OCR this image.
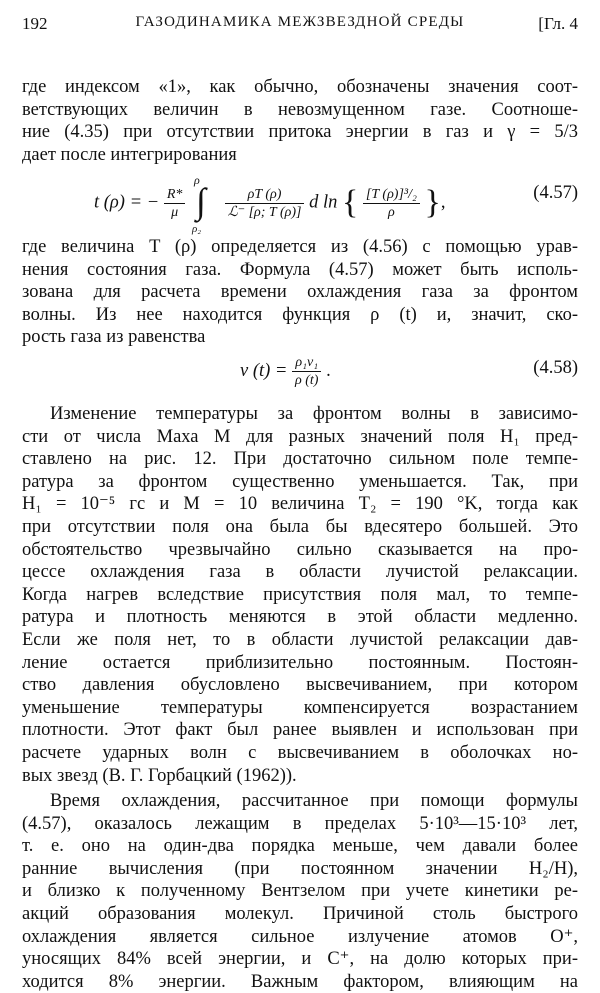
192	ГАЗОДИНАМИКА МЕЖЗВЕЗДНОЙ СРЕДЫ	[Гл. 4
где индексом «1», как обычно, обозначены значения соот-
ветствующих величин в невозмущенном газе. Соотноше-
ние (4.35) при отсутствии притока энергии в газ и γ = 5/3
дает после интегрирования
t (ρ) = − $\frac{R*}{\mu}$

ρ
∫
ρ₂

$\frac{\rho T (\rho)}{\text{ℒ⁻ [ρ; T (ρ)]}}$ d ln { $\frac{\text{[T (ρ)]³/₂}}{\rho}$ },	(4.57)
где величина T (ρ) определяется из (4.56) с помощью урав-
нения состояния газа. Формула (4.57) может быть исполь-
зована для расчета времени охлаждения газа за фронтом
волны. Из нее находится функция ρ (t) и, значит, ско-
рость газа из равенства
v $(t) = \frac{\text{ρ₁v₁}}{\rho (t)}$ .	(4.58)
Изменение температуры за фронтом волны в зависимо-
сти от числа Маха M для разных значений поля H₁ пред-
ставлено на рис. 12. При достаточно сильном поле темпе-
ратура за фронтом существенно уменьшается. Так, при
H₁ = 10⁻⁵ гс и M = 10 величина T₂ = 190 °K, тогда как
при отсутствии поля она была бы вдесятеро большей. Это
обстоятельство чрезвычайно сильно сказывается на про-
цессе охлаждения газа в области лучистой релаксации.
Когда нагрев вследствие присутствия поля мал, то темпе-
ратура и плотность меняются в этой области медленно.
Если же поля нет, то в области лучистой релаксации дав-
ление остается приблизительно постоянным. Постоян-
ство давления обусловлено высвечиванием, при котором
уменьшение температуры компенсируется возрастанием
плотности. Этот факт был ранее выявлен и использован при
расчете ударных волн с высвечиванием в оболочках но-
вых звезд (В. Г. Горбацкий (1962)).
Время охлаждения, рассчитанное при помощи формулы
(4.57), оказалось лежащим в пределах 5·10³—15·10³ лет,
т. е. оно на один-два порядка меньше, чем давали более
ранние вычисления (при постоянном значении H₂/H),
и близко к полученному Вентзелом при учете кинетики ре-
акций образования молекул. Причиной столь быстрого
охлаждения является сильное излучение атомов O⁺,
уносящих 84% всей энергии, и C⁺, на долю которых при-
ходится 8% энергии. Важным фактором, влияющим на
